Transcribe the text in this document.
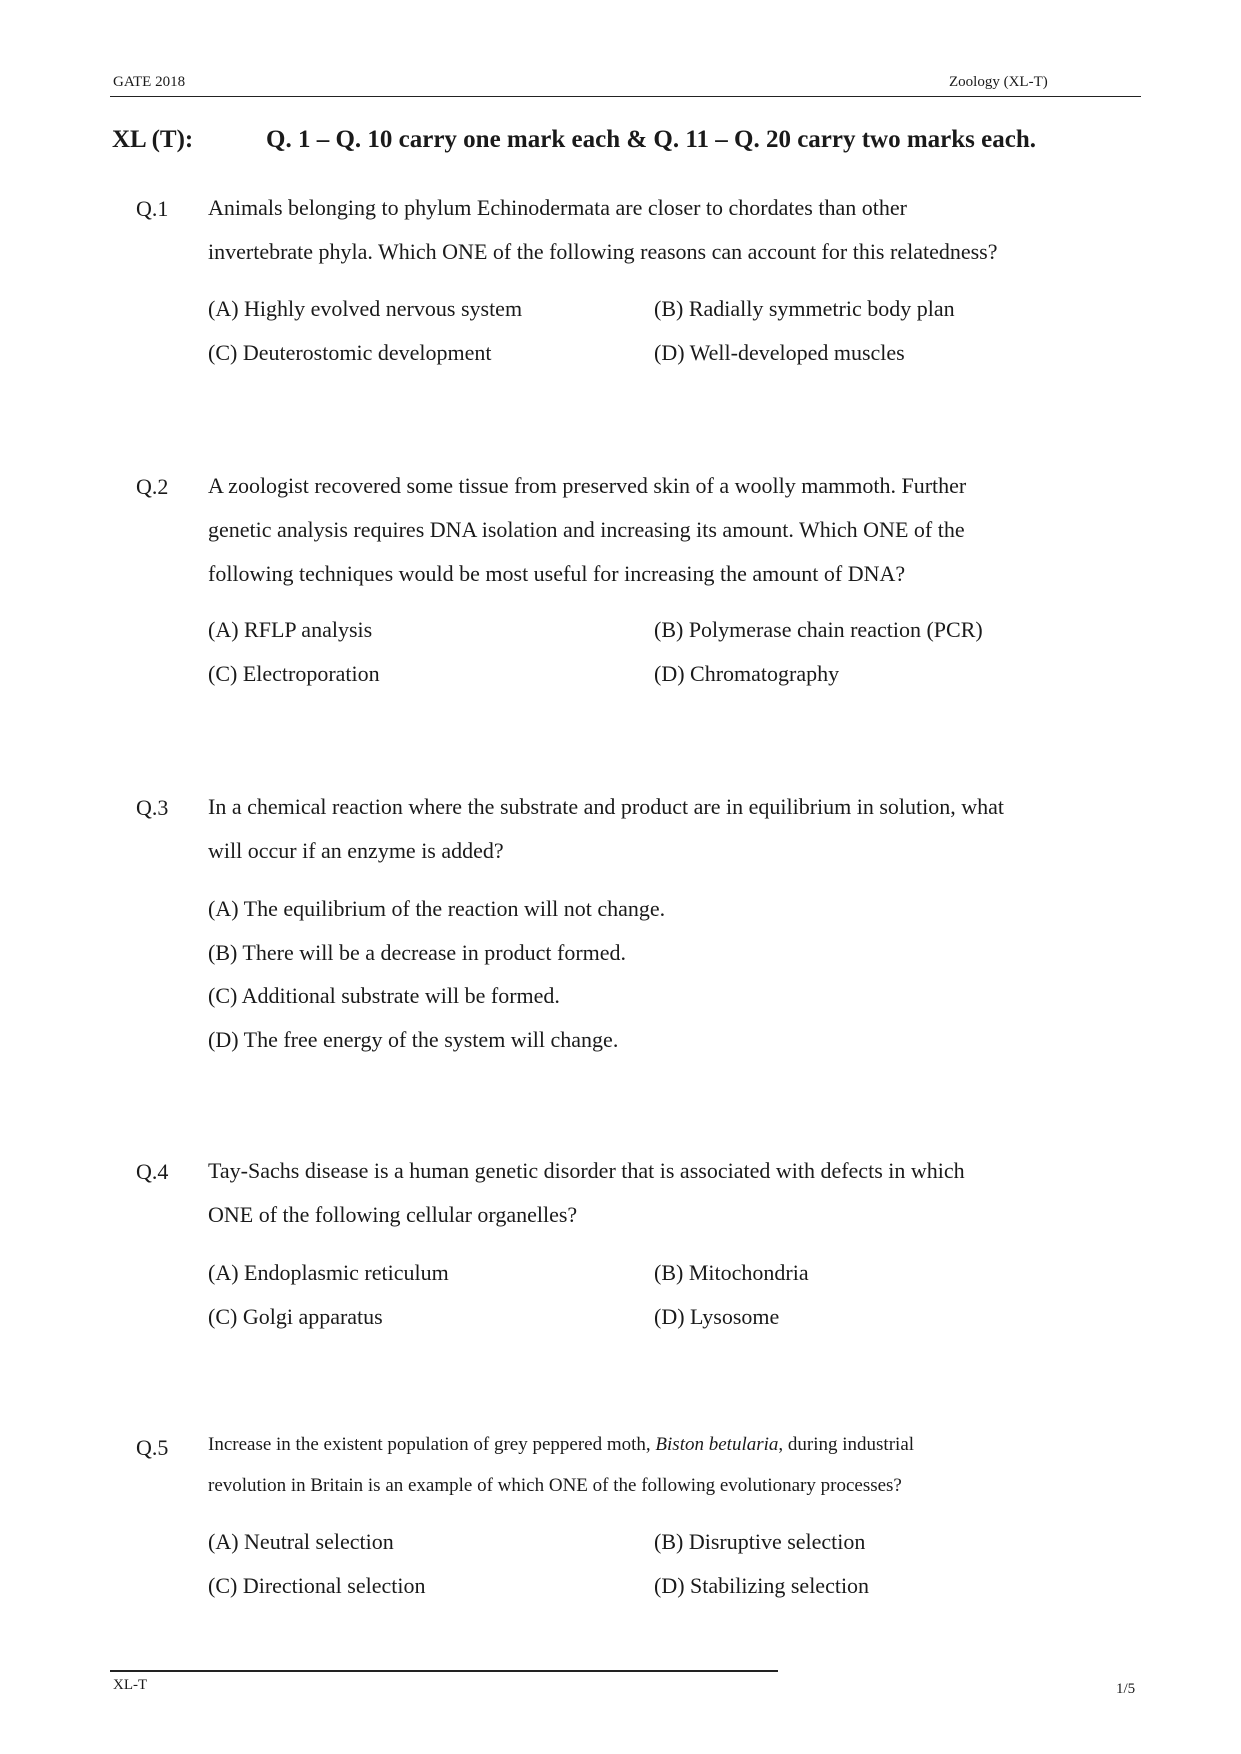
GATE 2018	Zoology (XL-T)
XL (T):	Q. 1 – Q. 10 carry one mark each & Q. 11 – Q. 20 carry two marks each.
Q.1 Animals belonging to phylum Echinodermata are closer to chordates than other
invertebrate phyla. Which ONE of the following reasons can account for this relatedness?
(A) Highly evolved nervous system	(B) Radially symmetric body plan
(C) Deuterostomic development	(D) Well-developed muscles
Q.2 A zoologist recovered some tissue from preserved skin of a woolly mammoth. Further
genetic analysis requires DNA isolation and increasing its amount. Which ONE of the
following techniques would be most useful for increasing the amount of DNA?
(A) RFLP analysis	(B) Polymerase chain reaction (PCR)
(C) Electroporation	(D) Chromatography
Q.3 In a chemical reaction where the substrate and product are in equilibrium in solution, what
will occur if an enzyme is added?
(A) The equilibrium of the reaction will not change.
(B) There will be a decrease in product formed.
(C) Additional substrate will be formed.
(D) The free energy of the system will change.
Q.4 Tay-Sachs disease is a human genetic disorder that is associated with defects in which
ONE of the following cellular organelles?
(A) Endoplasmic reticulum	(B) Mitochondria
(C) Golgi apparatus	(D) Lysosome
Q.5 Increase in the existent population of grey peppered moth, Biston betularia, during industrial
revolution in Britain is an example of which ONE of the following evolutionary processes?
(A) Neutral selection	(B) Disruptive selection
(C) Directional selection	(D) Stabilizing selection
XL-T	1/5
